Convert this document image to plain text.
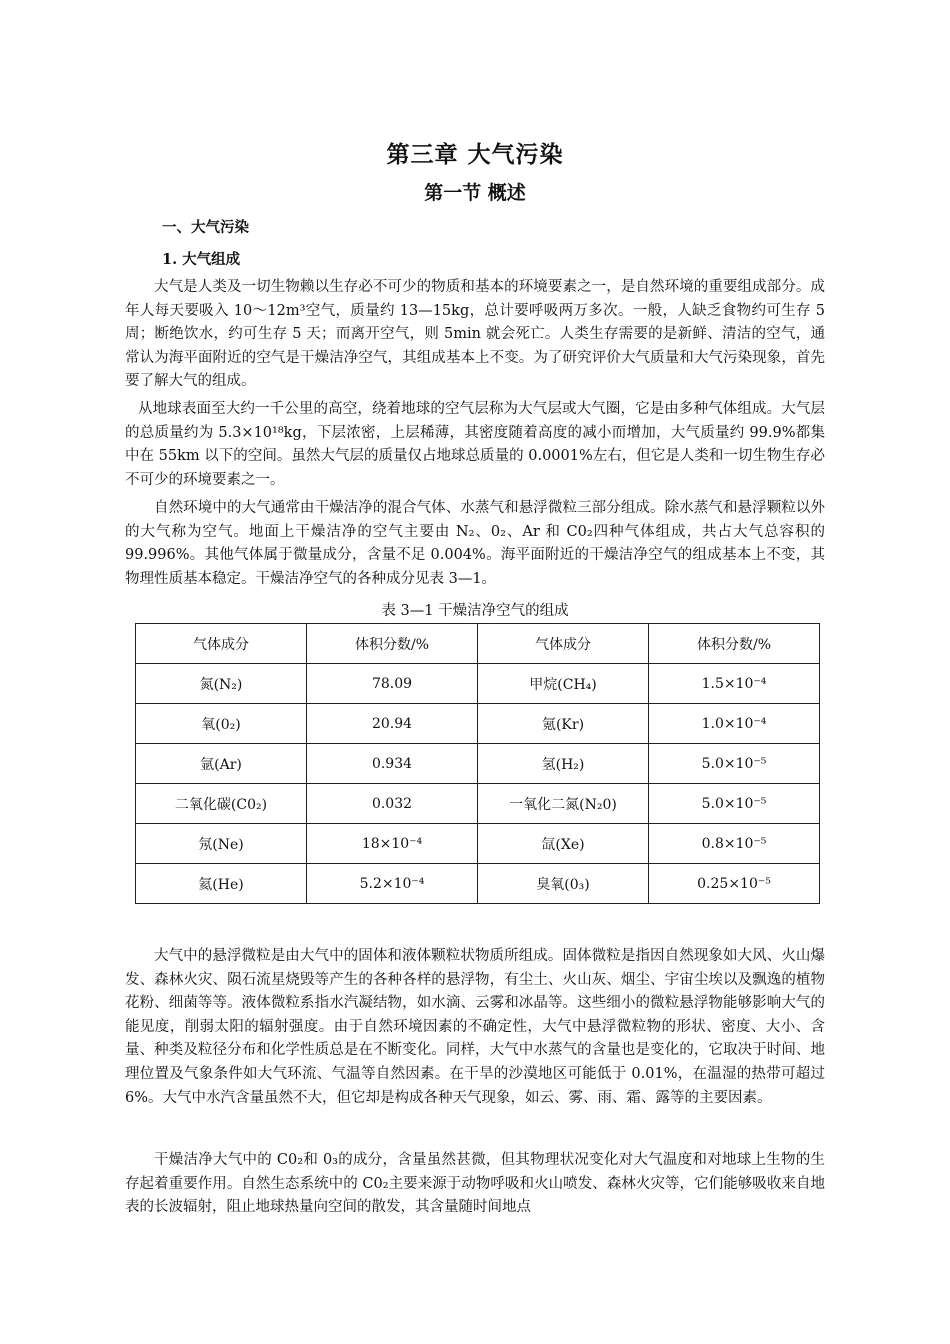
第三章 大气污染
第一节 概述
一、大气污染
1. 大气组成

大气是人类及一切生物赖以生存必不可少的物质和基本的环境要素之一，是自然环境的重要组成部分。成年人每天要吸入 10～12m³空气，质量约 13—15kg，总计要呼吸两万多次。一般，人缺乏食物约可生存 5 周；断绝饮水，约可生存 5 天；而离开空气，则 5min 就会死亡。人类生存需要的是新鲜、清洁的空气，通常认为海平面附近的空气是干燥洁净空气，其组成基本上不变。为了研究评价大气质量和大气污染现象，首先要了解大气的组成。

从地球表面至大约一千公里的高空，绕着地球的空气层称为大气层或大气圈，它是由多种气体组成。大气层的总质量约为 5.3×10¹⁸kg，下层浓密，上层稀薄，其密度随着高度的减小而增加，大气质量约 99.9%都集中在 55km 以下的空间。虽然大气层的质量仅占地球总质量的 0.0001%左右，但它是人类和一切生物生存必不可少的环境要素之一。

自然环境中的大气通常由干燥洁净的混合气体、水蒸气和悬浮微粒三部分组成。除水蒸气和悬浮颗粒以外的大气称为空气。地面上干燥洁净的空气主要由 N₂、0₂、Ar 和 C0₂四种气体组成，共占大气总容积的 99.996%。其他气体属于微量成分，含量不足 0.004%。海平面附近的干燥洁净空气的组成基本上不变，其物理性质基本稳定。干燥洁净空气的各种成分见表 3—1。

表 3—1 干燥洁净空气的组成
气体成分	体积分数/%	气体成分	体积分数/%
氮(N₂)	78.09	甲烷(CH₄)	1.5×10⁻⁴
氧(0₂)	20.94	氪(Kr)	1.0×10⁻⁴
氩(Ar)	0.934	氢(H₂)	5.0×10⁻⁵
二氧化碳(C0₂)	0.032	一氧化二氮(N₂0)	5.0×10⁻⁵
氖(Ne)	18×10⁻⁴	氙(Xe)	0.8×10⁻⁵
氦(He)	5.2×10⁻⁴	臭氧(0₃)	0.25×10⁻⁵

大气中的悬浮微粒是由大气中的固体和液体颗粒状物质所组成。固体微粒是指因自然现象如大风、火山爆发、森林火灾、陨石流星烧毁等产生的各种各样的悬浮物，有尘土、火山灰、烟尘、宇宙尘埃以及飘逸的植物花粉、细菌等等。液体微粒系指水汽凝结物，如水滴、云雾和冰晶等。这些细小的微粒悬浮物能够影响大气的能见度，削弱太阳的辐射强度。由于自然环境因素的不确定性，大气中悬浮微粒物的形状、密度、大小、含量、种类及粒径分布和化学性质总是在不断变化。同样，大气中水蒸气的含量也是变化的，它取决于时间、地理位置及气象条件如大气环流、气温等自然因素。在干旱的沙漠地区可能低于 0.01%，在温湿的热带可超过 6%。大气中水汽含量虽然不大，但它却是构成各种天气现象，如云、雾、雨、霜、露等的主要因素。

干燥洁净大气中的 C0₂和 0₃的成分，含量虽然甚微，但其物理状况变化对大气温度和对地球上生物的生存起着重要作用。自然生态系统中的 C0₂主要来源于动物呼吸和火山喷发、森林火灾等，它们能够吸收来自地表的长波辐射，阻止地球热量向空间的散发，其含量随时间地点
